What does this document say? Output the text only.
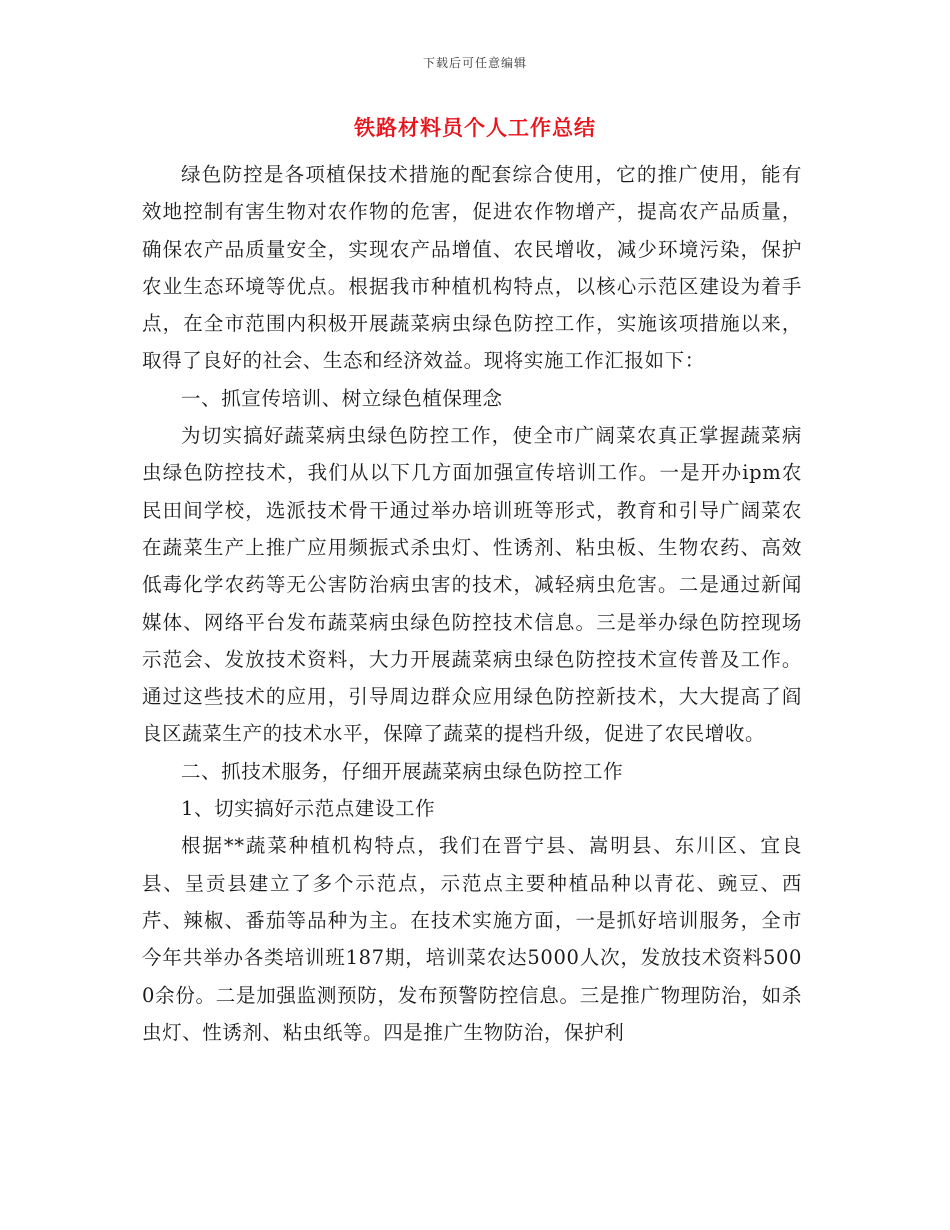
下载后可任意编辑
铁路材料员个人工作总结

绿色防控是各项植保技术措施的配套综合使用，它的推广使用，能有效地控制有害生物对农作物的危害，促进农作物增产，提高农产品质量，确保农产品质量安全，实现农产品增值、农民增收，减少环境污染，保护农业生态环境等优点。根据我市种植机构特点，以核心示范区建设为着手点，在全市范围内积极开展蔬菜病虫绿色防控工作，实施该项措施以来，取得了良好的社会、生态和经济效益。现将实施工作汇报如下：

一、抓宣传培训、树立绿色植保理念

为切实搞好蔬菜病虫绿色防控工作，使全市广阔菜农真正掌握蔬菜病虫绿色防控技术，我们从以下几方面加强宣传培训工作。一是开办ipm农民田间学校，选派技术骨干通过举办培训班等形式，教育和引导广阔菜农在蔬菜生产上推广应用频振式杀虫灯、性诱剂、粘虫板、生物农药、高效低毒化学农药等无公害防治病虫害的技术，减轻病虫危害。二是通过新闻媒体、网络平台发布蔬菜病虫绿色防控技术信息。三是举办绿色防控现场示范会、发放技术资料，大力开展蔬菜病虫绿色防控技术宣传普及工作。通过这些技术的应用，引导周边群众应用绿色防控新技术，大大提高了阎良区蔬菜生产的技术水平，保障了蔬菜的提档升级，促进了农民增收。

二、抓技术服务，仔细开展蔬菜病虫绿色防控工作

1、切实搞好示范点建设工作

根据**蔬菜种植机构特点，我们在晋宁县、嵩明县、东川区、宜良县、呈贡县建立了多个示范点，示范点主要种植品种以青花、豌豆、西芹、辣椒、番茄等品种为主。在技术实施方面，一是抓好培训服务，全市今年共举办各类培训班187期，培训菜农达5000人次，发放技术资料5000余份。二是加强监测预防，发布预警防控信息。三是推广物理防治，如杀虫灯、性诱剂、粘虫纸等。四是推广生物防治，保护利
